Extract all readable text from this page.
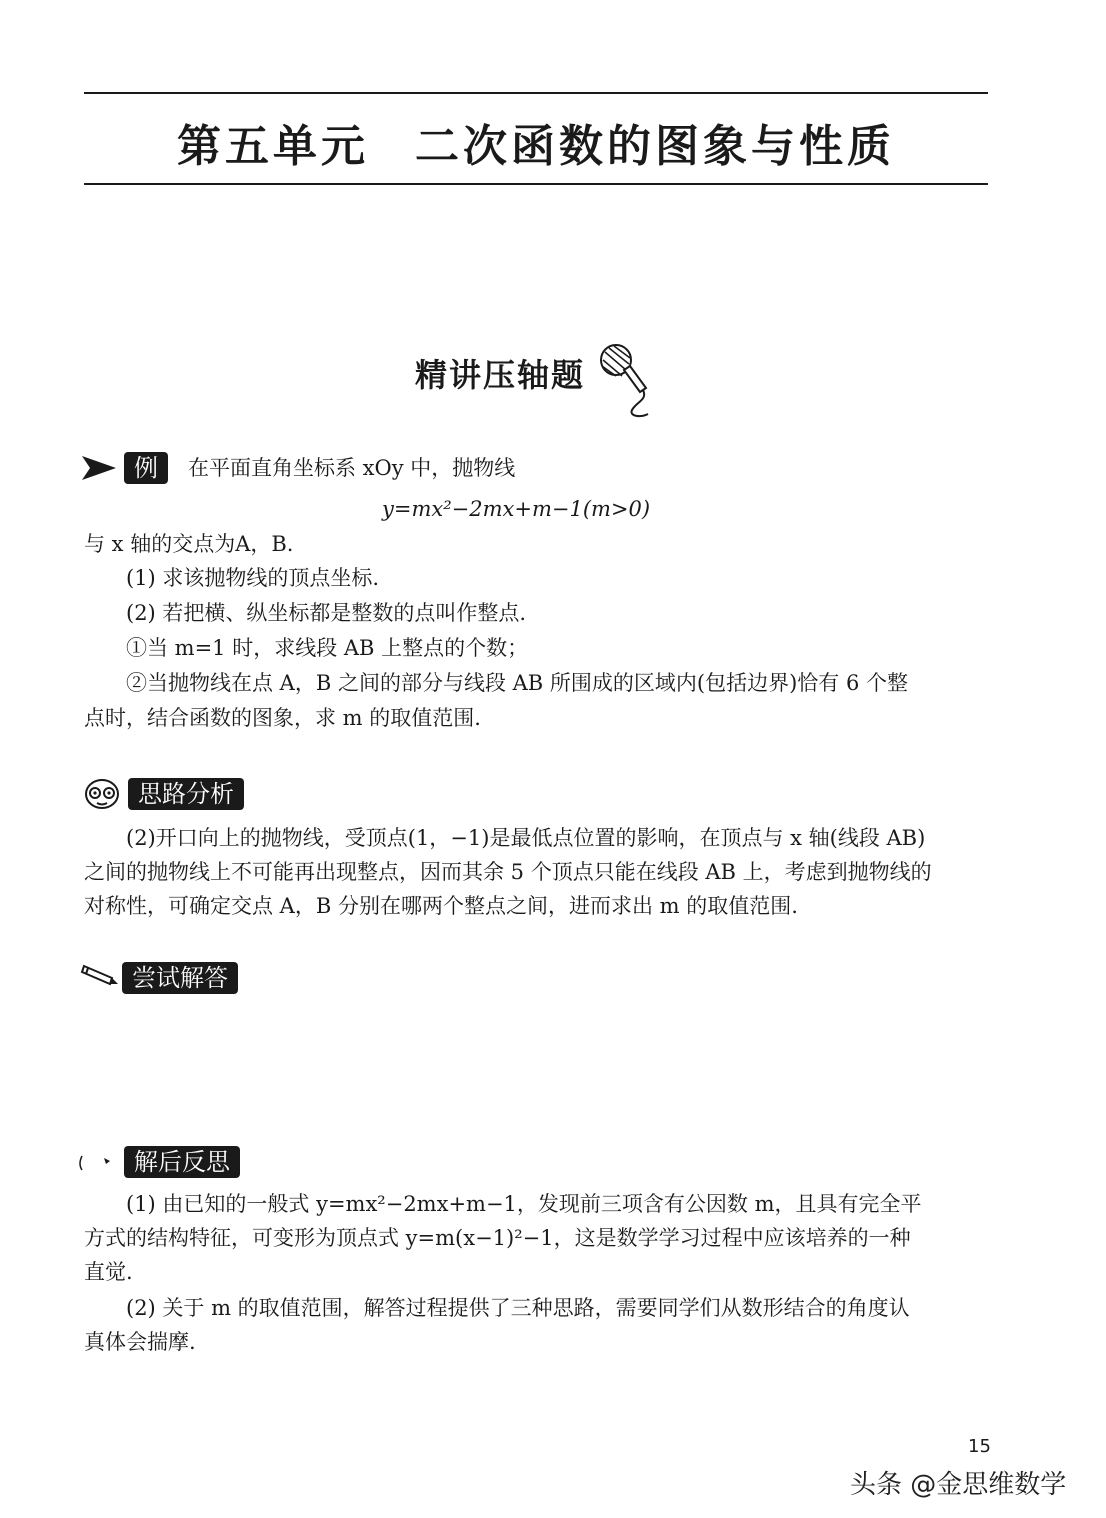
第五单元 二次函数的图象与性质
精讲压轴题
例	在平面直角坐标系 xOy 中，抛物线
y=mx²−2mx+m−1(m>0)
与 x 轴的交点为A，B.
(1) 求该抛物线的顶点坐标.
(2) 若把横、纵坐标都是整数的点叫作整点.
①当 m=1 时，求线段 AB 上整点的个数；
②当抛物线在点 A，B 之间的部分与线段 AB 所围成的区域内(包括边界)恰有 6 个整
点时，结合函数的图象，求 m 的取值范围.
思路分析
(2)开口向上的抛物线，受顶点(1，−1)是最低点位置的影响，在顶点与 x 轴(线段 AB)
之间的抛物线上不可能再出现整点，因而其余 5 个顶点只能在线段 AB 上，考虑到抛物线的
对称性，可确定交点 A，B 分别在哪两个整点之间，进而求出 m 的取值范围.
尝试解答
解后反思
(1) 由已知的一般式 y=mx²−2mx+m−1，发现前三项含有公因数 m，且具有完全平
方式的结构特征，可变形为顶点式 y=m(x−1)²−1，这是数学学习过程中应该培养的一种
直觉.
(2) 关于 m 的取值范围，解答过程提供了三种思路，需要同学们从数形结合的角度认
真体会揣摩.
15
头条 @金思维数学
